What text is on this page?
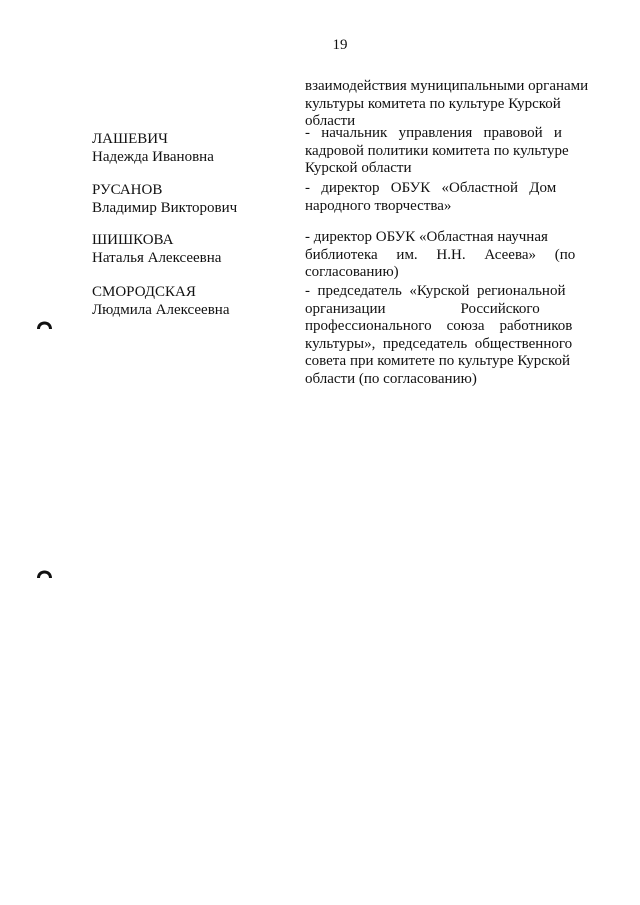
19
взаимодействия муниципальными органами
культуры комитета по культуре Курской
области
ЛАШЕВИЧ
Надежда Ивановна
-   начальник   управления   правовой   и
кадровой политики комитета по культуре
Курской области
РУСАНОВ
Владимир Викторович
-   директор   ОБУК   «Областной   Дом
народного творчества»
ШИШКОВА
Наталья Алексеевна
- директор ОБУК «Областная научная
библиотека     им.     Н.Н.     Асеева»     (по
согласованию)
СМОРОДСКАЯ
Людмила Алексеевна
-  председатель  «Курской  региональной
организации                    Российского
профессионального    союза    работников
культуры»,  председатель  общественного
совета при комитете по культуре Курской
области (по согласованию)
